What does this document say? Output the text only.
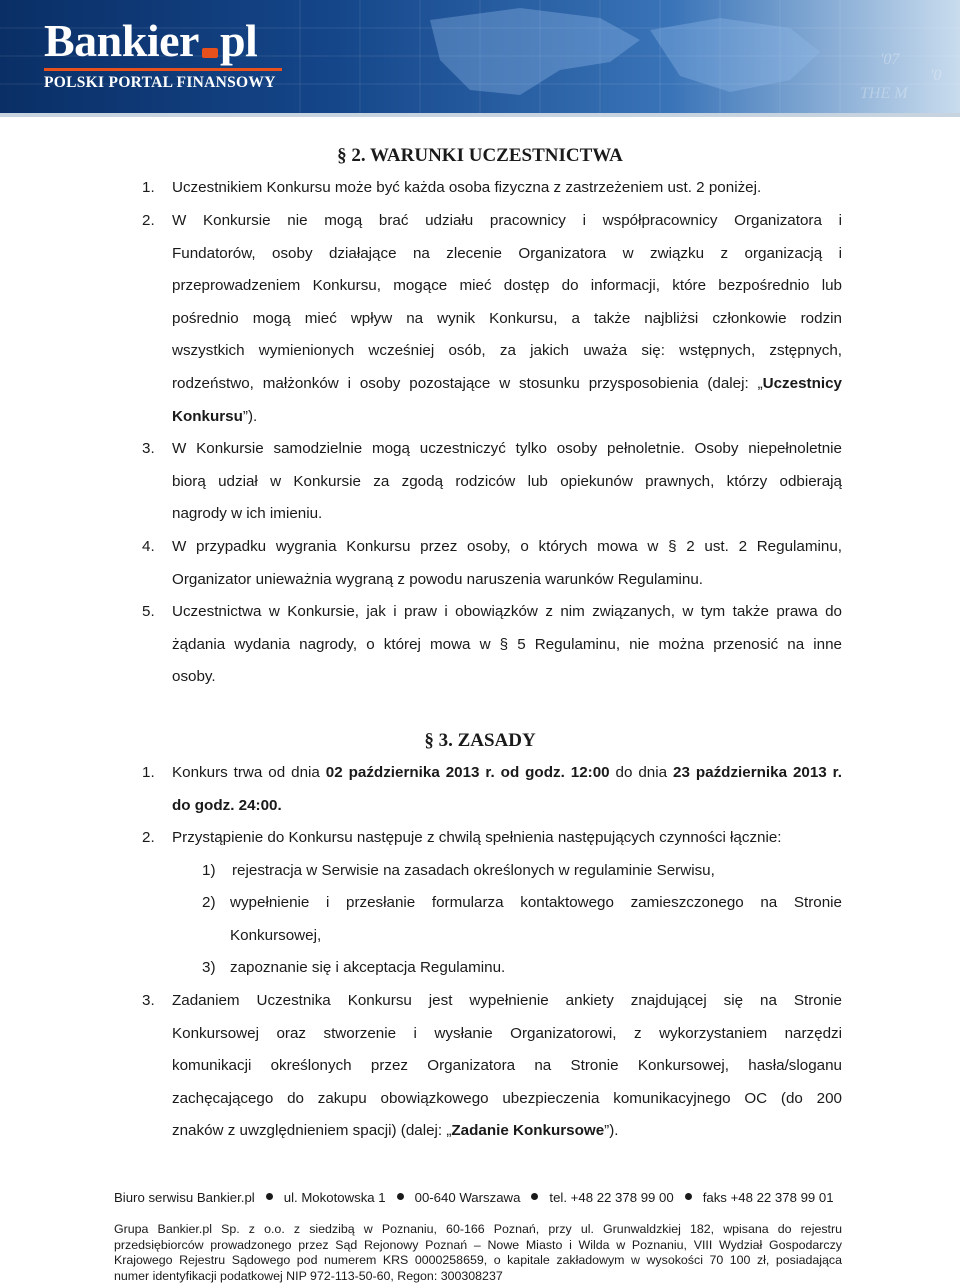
'07
'0
THE M
Bankier pl
POLSKI PORTAL FINANSOWY
§ 2. WARUNKI UCZESTNICTWA
1. Uczestnikiem Konkursu może być każda osoba fizyczna z zastrzeżeniem ust. 2 poniżej.
2. W Konkursie nie mogą brać udziału pracownicy i współpracownicy Organizatora i
Fundatorów, osoby działające na zlecenie Organizatora w związku z organizacją i
przeprowadzeniem Konkursu, mogące mieć dostęp do informacji, które bezpośrednio lub
pośrednio mogą mieć wpływ na wynik Konkursu, a także najbliżsi członkowie rodzin
wszystkich wymienionych wcześniej osób, za jakich uważa się: wstępnych, zstępnych,
rodzeństwo, małżonków i osoby pozostające w stosunku przysposobienia (dalej: „Uczestnicy
Konkursu”).
3. W Konkursie samodzielnie mogą uczestniczyć tylko osoby pełnoletnie. Osoby niepełnoletnie
biorą udział w Konkursie za zgodą rodziców lub opiekunów prawnych, którzy odbierają
nagrody w ich imieniu.
4. W przypadku wygrania Konkursu przez osoby, o których mowa w § 2 ust. 2 Regulaminu,
Organizator unieważnia wygraną z powodu naruszenia warunków Regulaminu.
5. Uczestnictwa w Konkursie, jak i praw i obowiązków z nim związanych, w tym także prawa do
żądania wydania nagrody, o której mowa w § 5 Regulaminu, nie można przenosić na inne
osoby.
§ 3. ZASADY
1. Konkurs trwa od dnia 02 października 2013 r. od godz. 12:00 do dnia 23 października 2013 r.
do godz. 24:00.
2. Przystąpienie do Konkursu następuje z chwilą spełnienia następujących czynności łącznie:
1) rejestracja w Serwisie na zasadach określonych w regulaminie Serwisu,
2) wypełnienie i przesłanie formularza kontaktowego zamieszczonego na Stronie
Konkursowej,
3) zapoznanie się i akceptacja Regulaminu.
3. Zadaniem Uczestnika Konkursu jest wypełnienie ankiety znajdującej się na Stronie
Konkursowej oraz stworzenie i wysłanie Organizatorowi, z wykorzystaniem narzędzi
komunikacji określonych przez Organizatora na Stronie Konkursowej, hasła/sloganu
zachęcającego do zakupu obowiązkowego ubezpieczenia komunikacyjnego OC (do 200
znaków z uwzględnieniem spacji) (dalej: „Zadanie Konkursowe”).
Biuro serwisu Bankier.pl ul. Mokotowska 1 00-640 Warszawa tel. +48 22 378 99 00 faks +48 22 378 99 01
Grupa Bankier.pl Sp. z o.o. z siedzibą w Poznaniu, 60-166 Poznań, przy ul. Grunwaldzkiej 182, wpisana do rejestru
przedsiębiorców prowadzonego przez Sąd Rejonowy Poznań – Nowe Miasto i Wilda w Poznaniu, VIII Wydział Gospodarczy
Krajowego Rejestru Sądowego pod numerem KRS 0000258659, o kapitale zakładowym w wysokości 70 100 zł, posiadająca
numer identyfikacji podatkowej NIP 972-113-50-60, Regon: 300308237
